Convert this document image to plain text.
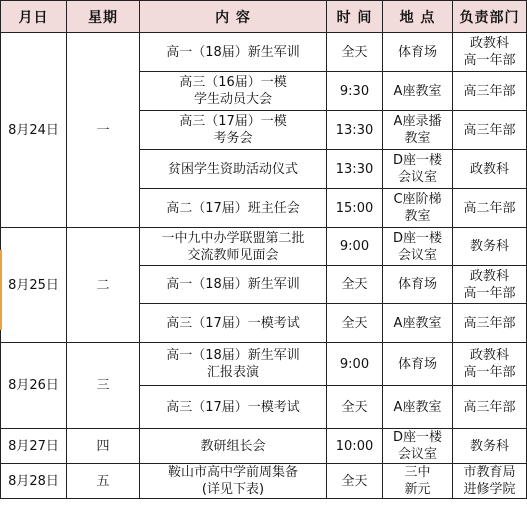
月日	星期	内 容	时 间	地 点	负责部门
8月24日	一	高一（18届）新生军训	全天	体育场	政教科
高一年部

		高三（16届）一模
学生动员大会	9:30	A座教室	高三年部

		高三（17届）一模
考务会	13:30	A座录播
教室	高三年部

		贫困学生资助活动仪式	13:30	D座一楼
会议室	政教科

		高二（17届）班主任会	15:00	C座阶梯
教室	高二年部

8月25日	二	一中九中办学联盟第二批
交流教师见面会	9:00	D座一楼
会议室	教务科

		高一（18届）新生军训	全天	体育场	政教科
高一年部

		高三（17届）一模考试	全天	A座教室	高三年部

8月26日	三	高一（18届）新生军训
汇报表演	9:00	体育场	政教科
高一年部

		高三（17届）一模考试	全天	A座教室	高三年部

8月27日	四	教研组长会	10:00	D座一楼
会议室	教务科

8月28日	五	鞍山市高中学前周集备
(详见下表)	全天	三中
新元	市教育局
进修学院
